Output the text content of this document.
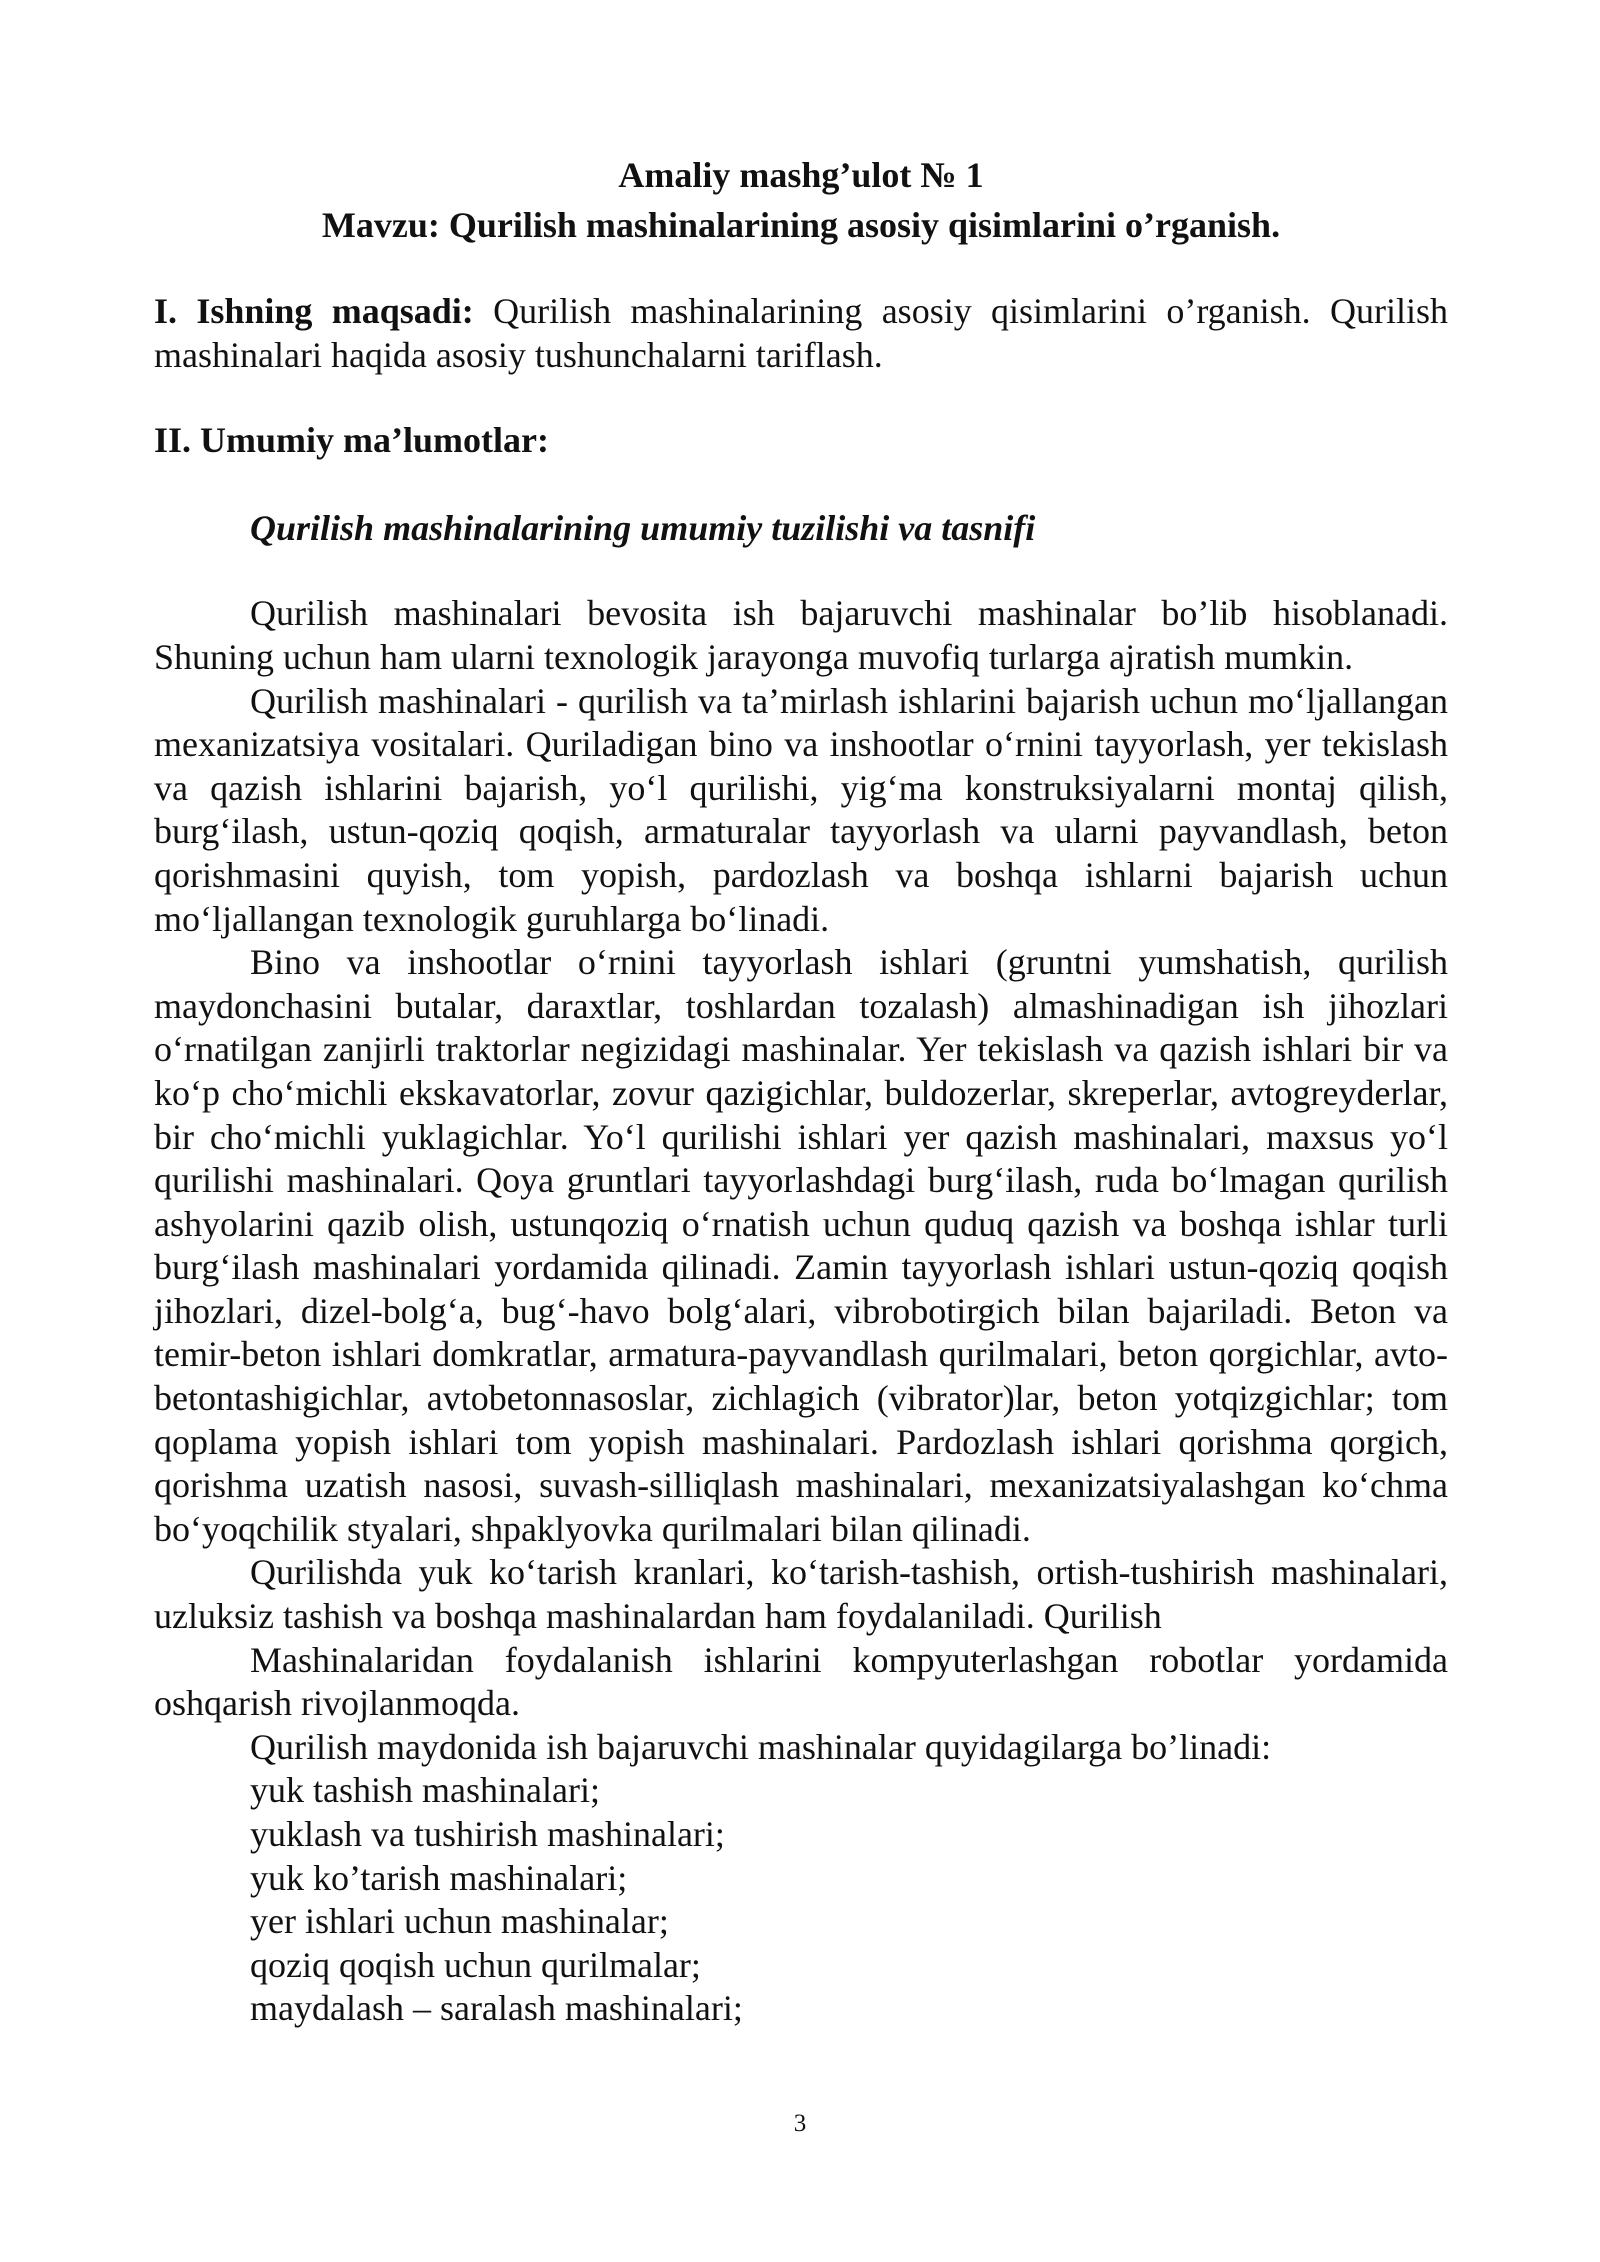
Amaliy mashg’ulot № 1
Mavzu: Qurilish mashinalarining asosiy qisimlarini o’rganish.

I. Ishning maqsadi: Qurilish mashinalarining asosiy qisimlarini o’rganish. Qurilish mashinalari haqida asosiy tushunchalarni tariflash.

II. Umumiy ma’lumotlar:

Qurilish mashinalarining umumiy tuzilishi va tasnifi

Qurilish mashinalari bevosita ish bajaruvchi mashinalar bo’lib hisoblanadi. Shuning uchun ham ularni texnologik jarayonga muvofiq turlarga ajratish mumkin.

Qurilish mashinalari - qurilish va ta’mirlash ishlarini bajarish uchun mo‘ljallangan mexanizatsiya vositalari. Quriladigan bino va inshootlar o‘rnini tayyorlash, yer tekislash va qazish ishlarini bajarish, yo‘l qurilishi, yig‘ma konstruksiyalarni montaj qilish, burg‘ilash, ustun-qoziq qoqish, armaturalar tayyorlash va ularni payvandlash, beton qorishmasini quyish, tom yopish, pardozlash va boshqa ishlarni bajarish uchun mo‘ljallangan texnologik guruhlarga bo‘linadi.

Bino va inshootlar o‘rnini tayyorlash ishlari (gruntni yumshatish, qurilish maydonchasini butalar, daraxtlar, toshlardan tozalash) almashinadigan ish jihozlari o‘rnatilgan zanjirli traktorlar negizidagi mashinalar. Yer tekislash va qazish ishlari bir va ko‘p cho‘michli ekskavatorlar, zovur qazigichlar, buldozerlar, skreperlar, avtogreyderlar, bir cho‘michli yuklagichlar. Yo‘l qurilishi ishlari yer qazish mashinalari, maxsus yo‘l qurilishi mashinalari. Qoya gruntlari tayyorlashdagi burg‘ilash, ruda bo‘lmagan qurilish ashyolarini qazib olish, ustunqoziq o‘rnatish uchun quduq qazish va boshqa ishlar turli burg‘ilash mashinalari yordamida qilinadi. Zamin tayyorlash ishlari ustun-qoziq qoqish jihozlari, dizel-bolg‘a, bug‘-havo bolg‘alari, vibrobotirgich bilan bajariladi. Beton va temir-beton ishlari domkratlar, armatura-payvandlash qurilmalari, beton qorgichlar, avto-betontashigichlar, avtobetonnasoslar, zichlagich (vibrator)lar, beton yotqizgichlar; tom qoplama yopish ishlari tom yopish mashinalari. Pardozlash ishlari qorishma qorgich, qorishma uzatish nasosi, suvash-silliqlash mashinalari, mexanizatsiyalashgan ko‘chma bo‘yoqchilik styalari, shpaklyovka qurilmalari bilan qilinadi.

Qurilishda yuk ko‘tarish kranlari, ko‘tarish-tashish, ortish-tushirish mashinalari, uzluksiz tashish va boshqa mashinalardan ham foydalaniladi. Qurilish

Mashinalaridan foydalanish ishlarini kompyuterlashgan robotlar yordamida oshqarish rivojlanmoqda.

Qurilish maydonida ish bajaruvchi mashinalar quyidagilarga bo’linadi:

yuk tashish mashinalari;
yuklash va tushirish mashinalari;
yuk ko’tarish mashinalari;
yer ishlari uchun mashinalar;
qoziq qoqish uchun qurilmalar;
maydalash – saralash mashinalari;
3
